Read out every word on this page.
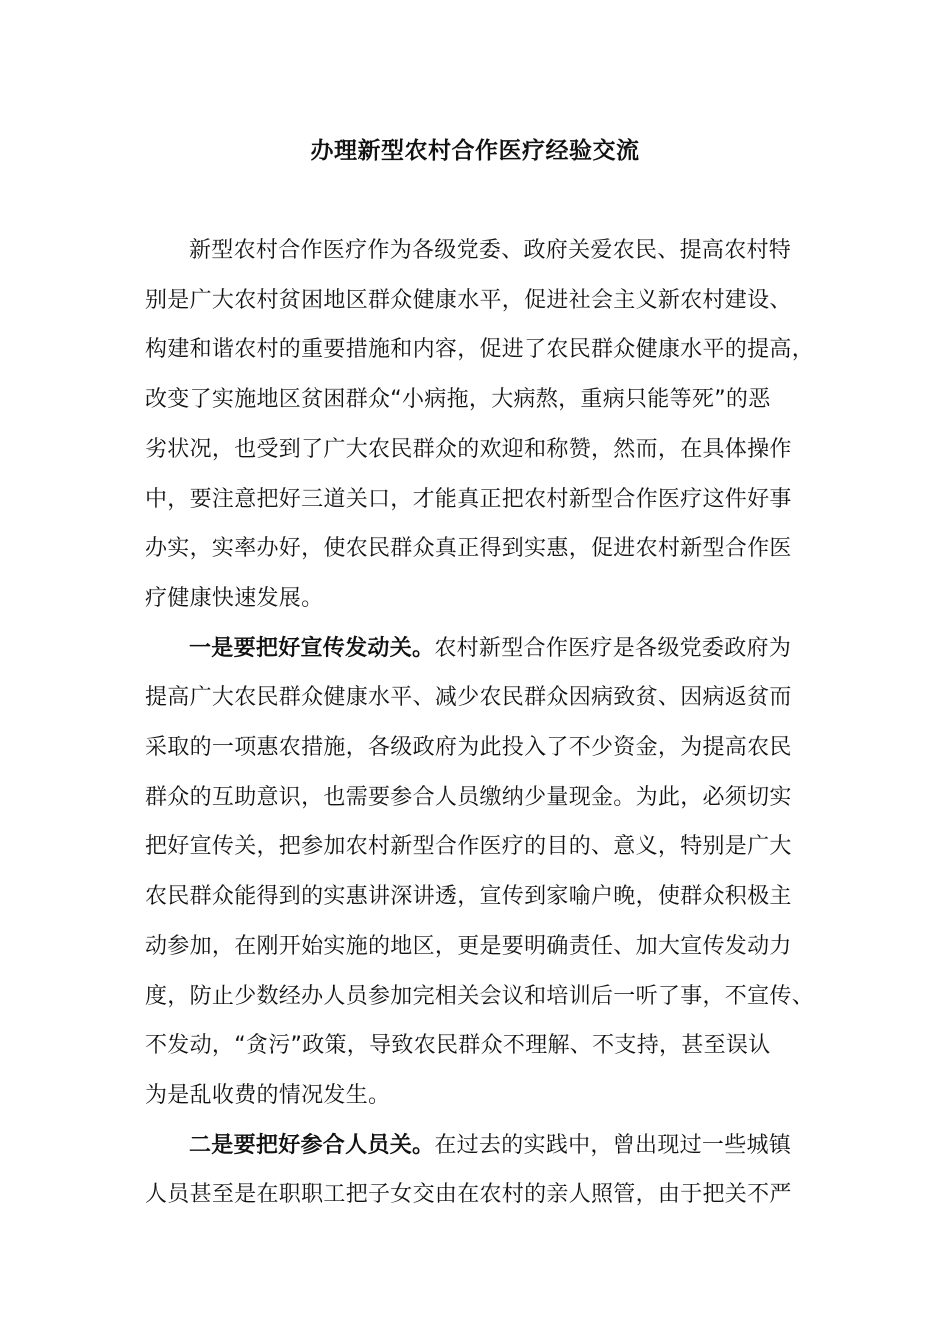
办理新型农村合作医疗经验交流
新型农村合作医疗作为各级党委、政府关爱农民、提高农村特
别是广大农村贫困地区群众健康水平，促进社会主义新农村建设、
构建和谐农村的重要措施和内容，促进了农民群众健康水平的提高，
改变了实施地区贫困群众“小病拖，大病熬，重病只能等死”的恶
劣状况，也受到了广大农民群众的欢迎和称赞，然而，在具体操作
中，要注意把好三道关口，才能真正把农村新型合作医疗这件好事
办实，实率办好，使农民群众真正得到实惠，促进农村新型合作医
疗健康快速发展。
一是要把好宣传发动关。农村新型合作医疗是各级党委政府为
提高广大农民群众健康水平、减少农民群众因病致贫、因病返贫而
采取的一项惠农措施，各级政府为此投入了不少资金，为提高农民
群众的互助意识，也需要参合人员缴纳少量现金。为此，必须切实
把好宣传关，把参加农村新型合作医疗的目的、意义，特别是广大
农民群众能得到的实惠讲深讲透，宣传到家喻户晚，使群众积极主
动参加，在刚开始实施的地区，更是要明确责任、加大宣传发动力
度，防止少数经办人员参加完相关会议和培训后一听了事，不宣传、
不发动，“贪污”政策，导致农民群众不理解、不支持，甚至误认
为是乱收费的情况发生。
二是要把好参合人员关。在过去的实践中，曾出现过一些城镇
人员甚至是在职职工把子女交由在农村的亲人照管，由于把关不严
